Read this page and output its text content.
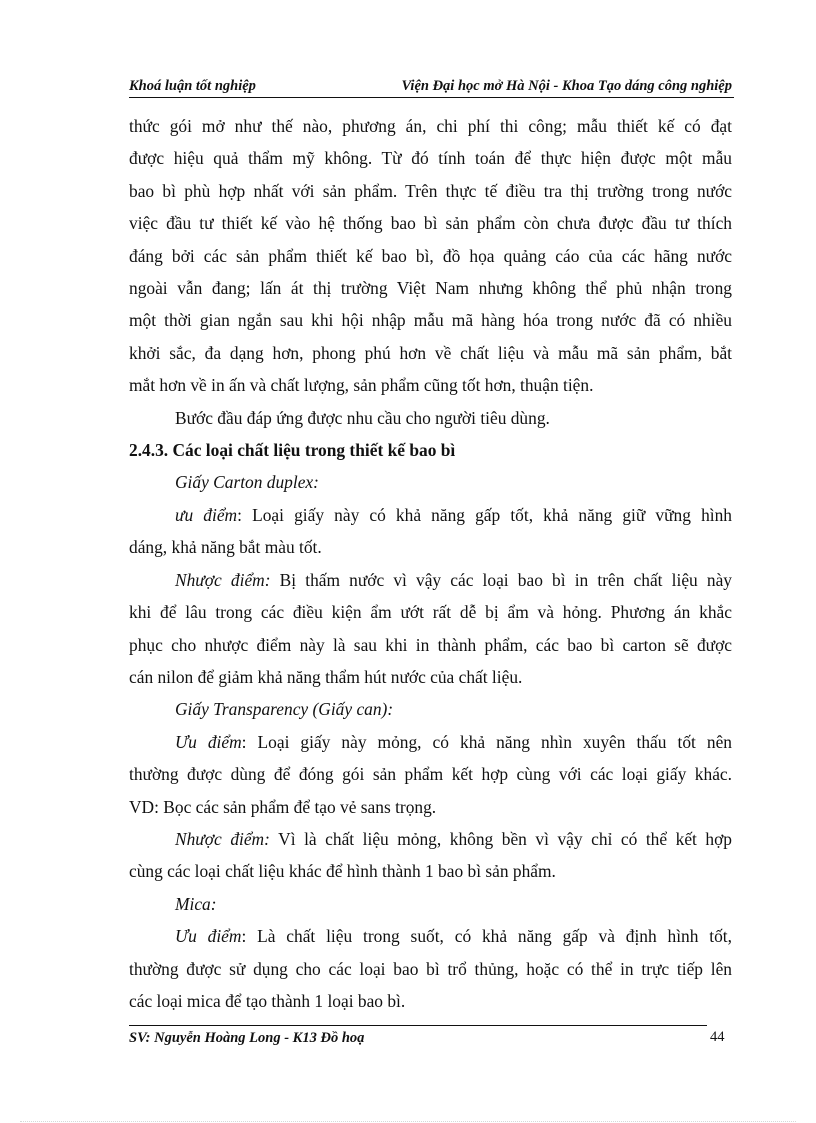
Khoá luận tốt nghiệp	Viện Đại học mở Hà Nội - Khoa Tạo dáng công nghiệp
thức gói mở như thế nào, phương án, chi phí thi công; mẫu thiết kế có đạt
được hiệu quả thẩm mỹ không. Từ đó tính toán để thực hiện được một mẫu
bao bì phù hợp nhất với sản phẩm. Trên thực tế điều tra thị trường trong nước
việc đầu tư thiết kế vào hệ thống bao bì sản phẩm còn chưa được đầu tư thích
đáng bởi các sản phẩm thiết kế bao bì, đồ họa quảng cáo của các hãng nước
ngoài vẫn đang; lấn át thị trường Việt Nam nhưng không thể phủ nhận trong
một thời gian ngắn sau khi hội nhập mẫu mã hàng hóa trong nước đã có nhiều
khởi sắc, đa dạng hơn, phong phú hơn về chất liệu và mẫu mã sản phẩm, bắt
mắt hơn về in ấn và chất lượng, sản phẩm cũng tốt hơn, thuận tiện.
Bước đầu đáp ứng được nhu cầu cho người tiêu dùng.
2.4.3. Các loại chất liệu trong thiết kế bao bì
Giấy Carton duplex:
ưu điểm: Loại giấy này có khả năng gấp tốt, khả năng giữ vững hình
dáng, khả năng bắt màu tốt.
Nhược điểm: Bị thấm nước vì vậy các loại bao bì in trên chất liệu này
khi để lâu trong các điều kiện ẩm ướt rất dễ bị ẩm và hỏng. Phương án khắc
phục cho nhược điểm này là sau khi in thành phẩm, các bao bì carton sẽ được
cán nilon để giảm khả năng thẩm hút nước của chất liệu.
Giấy Transparency (Giấy can):
Ưu điểm: Loại giấy này mỏng, có khả năng nhìn xuyên thấu tốt nên
thường được dùng để đóng gói sản phẩm kết hợp cùng với các loại giấy khác.
VD: Bọc các sản phẩm để tạo vẻ sans trọng.
Nhược điểm: Vì là chất liệu mỏng, không bền vì vậy chỉ có thể kết hợp
cùng các loại chất liệu khác để hình thành 1 bao bì sản phẩm.
Mica:
Ưu điểm: Là chất liệu trong suốt, có khả năng gấp và định hình tốt,
thường được sử dụng cho các loại bao bì trổ thủng, hoặc có thể in trực tiếp lên
các loại mica để tạo thành 1 loại bao bì.
SV: Nguyễn Hoàng Long - K13 Đồ hoạ	44
